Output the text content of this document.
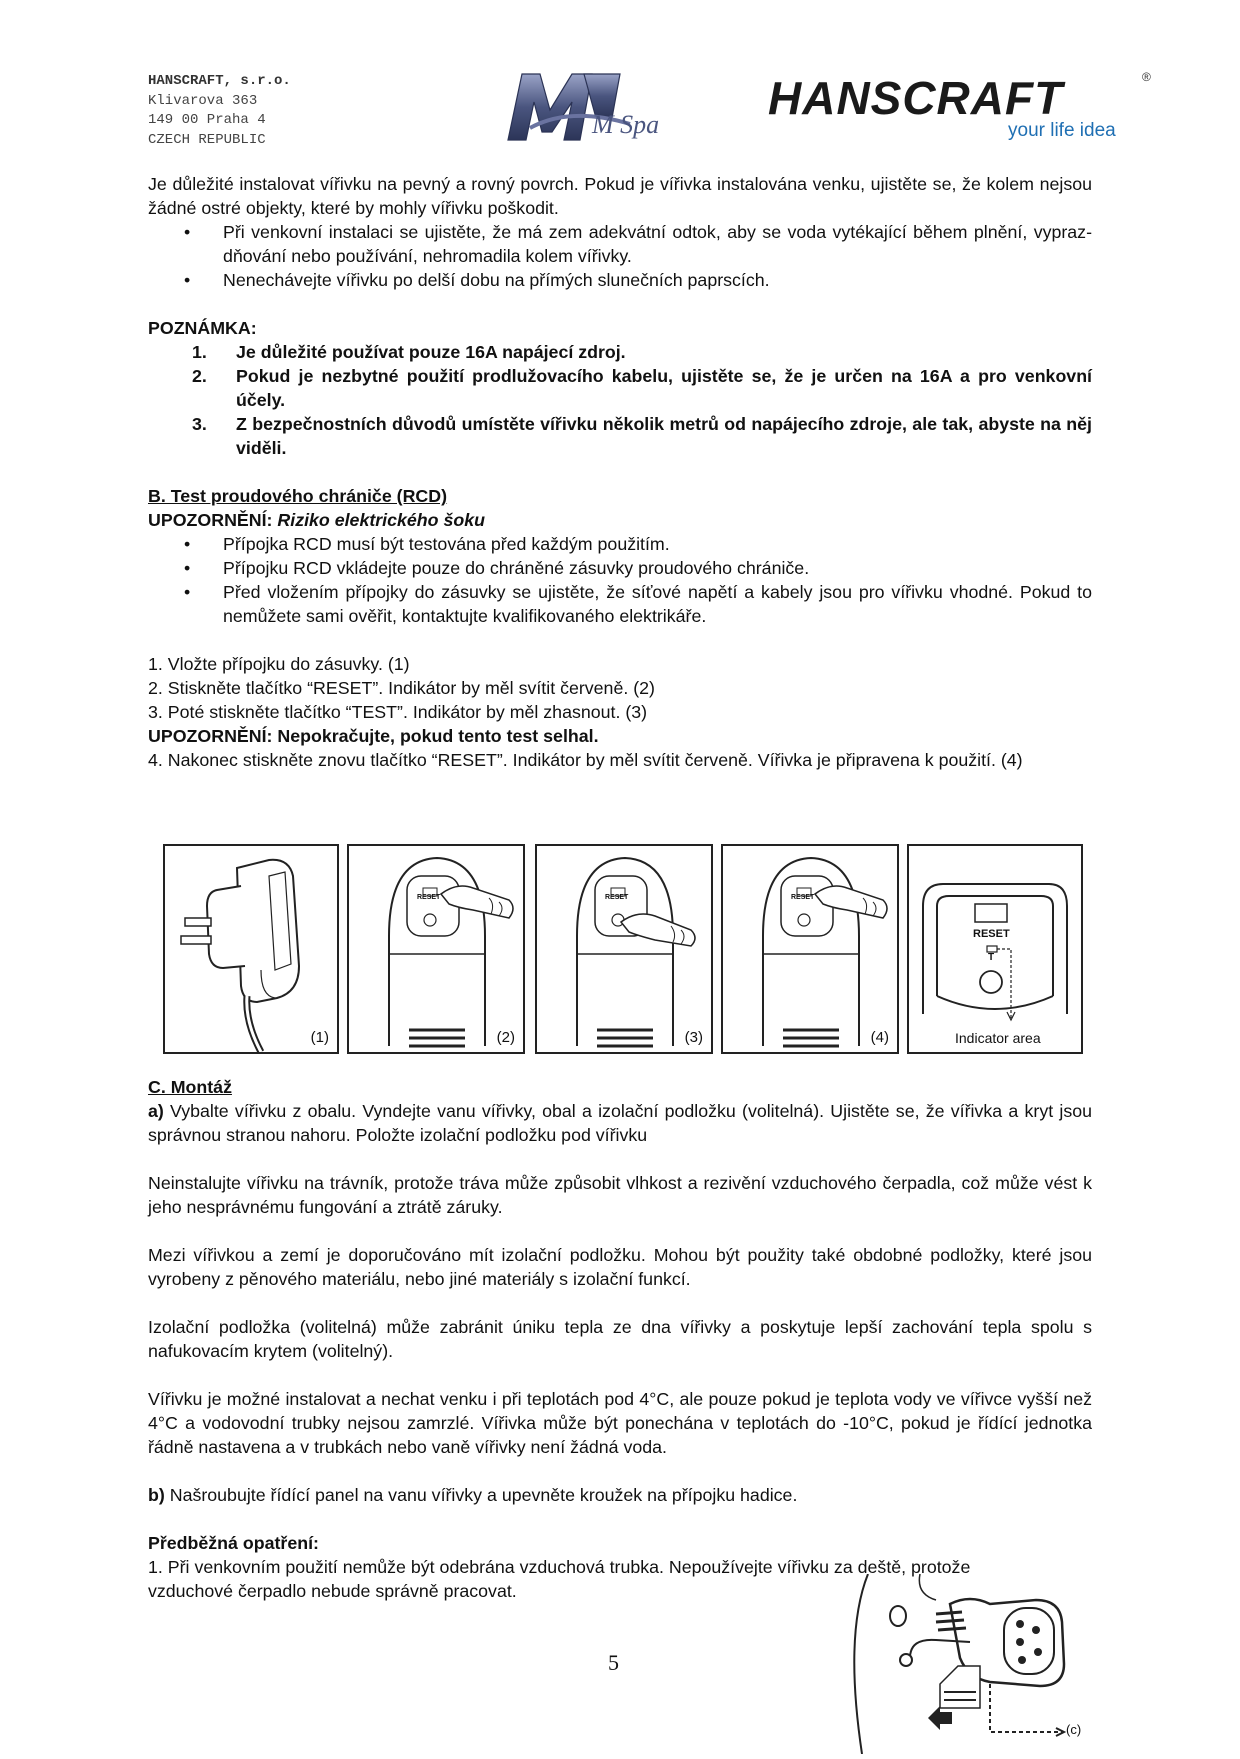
HANSCRAFT, s.r.o.
Klivarova 363
149 00 Praha 4
CZECH REPUBLIC
M Spa
HANSCRAFT	®
your life idea

Je důležité instalovat vířivku na pevný a rovný povrch. Pokud je vířivka instalována venku, ujistěte se, že kolem nejsou žádné ostré objekty, které by mohly vířivku poškodit.

• Při venkovní instalaci se ujistěte, že má zem adekvátní odtok, aby se voda vytékající během plnění, vyprazdňování nebo používání, nehromadila kolem vířivky.
• Nenechávejte vířivku po delší dobu na přímých slunečních paprscích.

POZNÁMKA:

1. Je důležité používat pouze 16A napájecí zdroj.
2. Pokud je nezbytné použití prodlužovacího kabelu, ujistěte se, že je určen na 16A a pro venkovní účely.
3. Z bezpečnostních důvodů umístěte vířivku několik metrů od napájecího zdroje, ale tak, abyste na něj viděli.

B. Test proudového chrániče (RCD)

UPOZORNĚNÍ: Riziko elektrického šoku

• Přípojka RCD musí být testována před každým použitím.
• Přípojku RCD vkládejte pouze do chráněné zásuvky proudového chrániče.
• Před vložením přípojky do zásuvky se ujistěte, že síťové napětí a kabely jsou pro vířivku vhodné. Pokud to nemůžete sami ověřit, kontaktujte kvalifikovaného elektrikáře.

1. Vložte přípojku do zásuvky. (1)

2. Stiskněte tlačítko “RESET”. Indikátor by měl svítit červeně. (2)

3. Poté stiskněte tlačítko “TEST”. Indikátor by měl zhasnout. (3)

UPOZORNĚNÍ: Nepokračujte, pokud tento test selhal.

4. Nakonec stiskněte znovu tlačítko “RESET”. Indikátor by měl svítit červeně. Vířivka je připravena k použití. (4)

(1)
RESET
(2)
RESET
(3)
RESET
(4)
RESET
T
Indicator area

C. Montáž

a) Vybalte vířivku z obalu. Vyndejte vanu vířivky, obal a izolační podložku (volitelná). Ujistěte se, že vířivka a kryt jsou správnou stranou nahoru. Položte izolační podložku pod vířivku

Neinstalujte vířivku na trávník, protože tráva může způsobit vlhkost a rezivění vzduchového čerpadla, což může vést k jeho nesprávnému fungování a ztrátě záruky.

Mezi vířivkou a zemí je doporučováno mít izolační podložku. Mohou být použity také obdobné podložky, které jsou vyrobeny z pěnového materiálu, nebo jiné materiály s izolační funkcí.

Izolační podložka (volitelná) může zabránit úniku tepla ze dna vířivky a poskytuje lepší zachování tepla spolu s nafukovacím krytem (volitelný).

Vířivku je možné instalovat a nechat venku i při teplotách pod 4°C, ale pouze pokud je teplota vody ve vířivce vyšší než 4°C a vodovodní trubky nejsou zamrzlé. Vířivka může být ponechána v teplotách do -10°C, pokud je řídící jednotka řádně nastavena a v trubkách nebo vaně vířivky není žádná voda.

b) Našroubujte řídící panel na vanu vířivky a upevněte kroužek na přípojku hadice.

Předběžná opatření:

1. Při venkovním použití nemůže být odebrána vzduchová trubka. Nepoužívejte vířivku za deště, protože vzduchové čerpadlo nebude správně pracovat.

(c)
5
